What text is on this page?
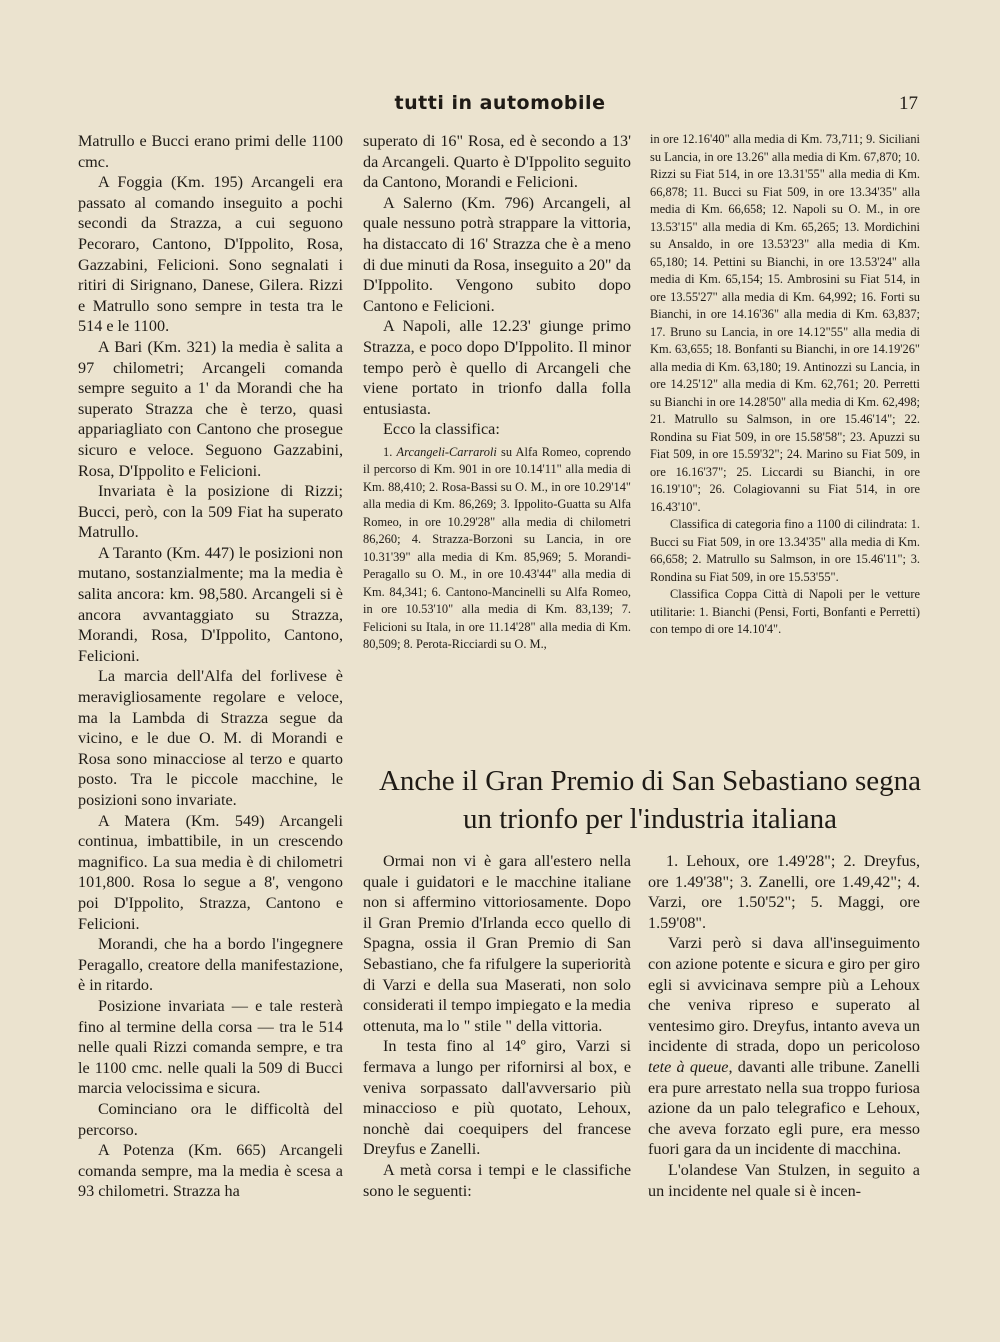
tutti in automobile	17

Matrullo e Bucci erano primi delle 1100 cmc.

A Foggia (Km. 195) Arcangeli era passato al comando inseguito a pochi secondi da Strazza, a cui seguono Pecoraro, Cantono, D'Ippolito, Rosa, Gazzabini, Felicioni. Sono segnalati i ritiri di Sirignano, Danese, Gilera. Rizzi e Matrullo sono sempre in testa tra le 514 e le 1100.

A Bari (Km. 321) la media è salita a 97 chilometri; Arcangeli comanda sempre seguito a 1' da Morandi che ha superato Strazza che è terzo, quasi appariagliato con Cantono che prosegue sicuro e veloce. Seguono Gazzabini, Rosa, D'Ippolito e Felicioni.

Invariata è la posizione di Rizzi; Bucci, però, con la 509 Fiat ha superato Matrullo.

A Taranto (Km. 447) le posizioni non mutano, sostanzialmente; ma la media è salita ancora: km. 98,580. Arcangeli si è ancora avvantaggiato su Strazza, Morandi, Rosa, D'Ippolito, Cantono, Felicioni.

La marcia dell'Alfa del forlivese è meravigliosamente regolare e veloce, ma la Lambda di Strazza segue da vicino, e le due O. M. di Morandi e Rosa sono minacciose al terzo e quarto posto. Tra le piccole macchine, le posizioni sono invariate.

A Matera (Km. 549) Arcangeli continua, imbattibile, in un crescendo magnifico. La sua media è di chilometri 101,800. Rosa lo segue a 8', vengono poi D'Ippolito, Strazza, Cantono e Felicioni.

Morandi, che ha a bordo l'ingegnere Peragallo, creatore della manifestazione, è in ritardo.

Posizione invariata — e tale resterà fino al termine della corsa — tra le 514 nelle quali Rizzi comanda sempre, e tra le 1100 cmc. nelle quali la 509 di Bucci marcia velocissima e sicura.

Cominciano ora le difficoltà del percorso.

A Potenza (Km. 665) Arcangeli comanda sempre, ma la media è scesa a 93 chilometri. Strazza ha

superato di 16" Rosa, ed è secondo a 13' da Arcangeli. Quarto è D'Ippolito seguito da Cantono, Morandi e Felicioni.

A Salerno (Km. 796) Arcangeli, al quale nessuno potrà strappare la vittoria, ha distaccato di 16' Strazza che è a meno di due minuti da Rosa, inseguito a 20" da D'Ippolito. Vengono subito dopo Cantono e Felicioni.

A Napoli, alle 12.23' giunge primo Strazza, e poco dopo D'Ippolito. Il minor tempo però è quello di Arcangeli che viene portato in trionfo dalla folla entusiasta.

Ecco la classifica:

1. Arcangeli-Carraroli su Alfa Romeo, coprendo il percorso di Km. 901 in ore 10.14'11" alla media di Km. 88,410; 2. Rosa-Bassi su O. M., in ore 10.29'14" alla media di Km. 86,269; 3. Ippolito-Guatta su Alfa Romeo, in ore 10.29'28" alla media di chilometri 86,260; 4. Strazza-Borzoni su Lancia, in ore 10.31'39" alla media di Km. 85,969; 5. Morandi-Peragallo su O. M., in ore 10.43'44" alla media di Km. 84,341; 6. Cantono-Mancinelli su Alfa Romeo, in ore 10.53'10" alla media di Km. 83,139; 7. Felicioni su Itala, in ore 11.14'28" alla media di Km. 80,509; 8. Perota-Ricciardi su O. M.,

in ore 12.16'40" alla media di Km. 73,711; 9. Siciliani su Lancia, in ore 13.26" alla media di Km. 67,870; 10. Rizzi su Fiat 514, in ore 13.31'55" alla media di Km. 66,878; 11. Bucci su Fiat 509, in ore 13.34'35" alla media di Km. 66,658; 12. Napoli su O. M., in ore 13.53'15" alla media di Km. 65,265; 13. Mordichini su Ansaldo, in ore 13.53'23" alla media di Km. 65,180; 14. Pettini su Bianchi, in ore 13.53'24" alla media di Km. 65,154; 15. Ambrosini su Fiat 514, in ore 13.55'27" alla media di Km. 64,992; 16. Forti su Bianchi, in ore 14.16'36" alla media di Km. 63,837; 17. Bruno su Lancia, in ore 14.12"55" alla media di Km. 63,655; 18. Bonfanti su Bianchi, in ore 14.19'26" alla media di Km. 63,180; 19. Antinozzi su Lancia, in ore 14.25'12" alla media di Km. 62,761; 20. Perretti su Bianchi in ore 14.28'50" alla media di Km. 62,498; 21. Matrullo su Salmson, in ore 15.46'14"; 22. Rondina su Fiat 509, in ore 15.58'58"; 23. Apuzzi su Fiat 509, in ore 15.59'32"; 24. Marino su Fiat 509, in ore 16.16'37"; 25. Liccardi su Bianchi, in ore 16.19'10"; 26. Colagiovanni su Fiat 514, in ore 16.43'10".

Classifica di categoria fino a 1100 di cilindrata: 1. Bucci su Fiat 509, in ore 13.34'35" alla media di Km. 66,658; 2. Matrullo su Salmson, in ore 15.46'11"; 3. Rondina su Fiat 509, in ore 15.53'55".

Classifica Coppa Città di Napoli per le vetture utilitarie: 1. Bianchi (Pensi, Forti, Bonfanti e Perretti) con tempo di ore 14.10'4".

Anche il Gran Premio di San Sebastiano segna
un trionfo per l'industria italiana

Ormai non vi è gara all'estero nella quale i guidatori e le macchine italiane non si affermino vittoriosamente. Dopo il Gran Premio d'Irlanda ecco quello di Spagna, ossia il Gran Premio di San Sebastiano, che fa rifulgere la superiorità di Varzi e della sua Maserati, non solo considerati il tempo impiegato e la media ottenuta, ma lo " stile " della vittoria.

In testa fino al 14º giro, Varzi si fermava a lungo per rifornirsi al box, e veniva sorpassato dall'avversario più minaccioso e più quotato, Lehoux, nonchè dai coequipers del francese Dreyfus e Zanelli.

A metà corsa i tempi e le classifiche sono le seguenti:

1. Lehoux, ore 1.49'28"; 2. Dreyfus, ore 1.49'38"; 3. Zanelli, ore 1.49,42"; 4. Varzi, ore 1.50'52"; 5. Maggi, ore 1.59'08".

Varzi però si dava all'inseguimento con azione potente e sicura e giro per giro egli si avvicinava sempre più a Lehoux che veniva ripreso e superato al ventesimo giro. Dreyfus, intanto aveva un incidente di strada, dopo un pericoloso tete à queue, davanti alle tribune. Zanelli era pure arrestato nella sua troppo furiosa azione da un palo telegrafico e Lehoux, che aveva forzato egli pure, era messo fuori gara da un incidente di macchina.

L'olandese Van Stulzen, in seguito a un incidente nel quale si è incen-
